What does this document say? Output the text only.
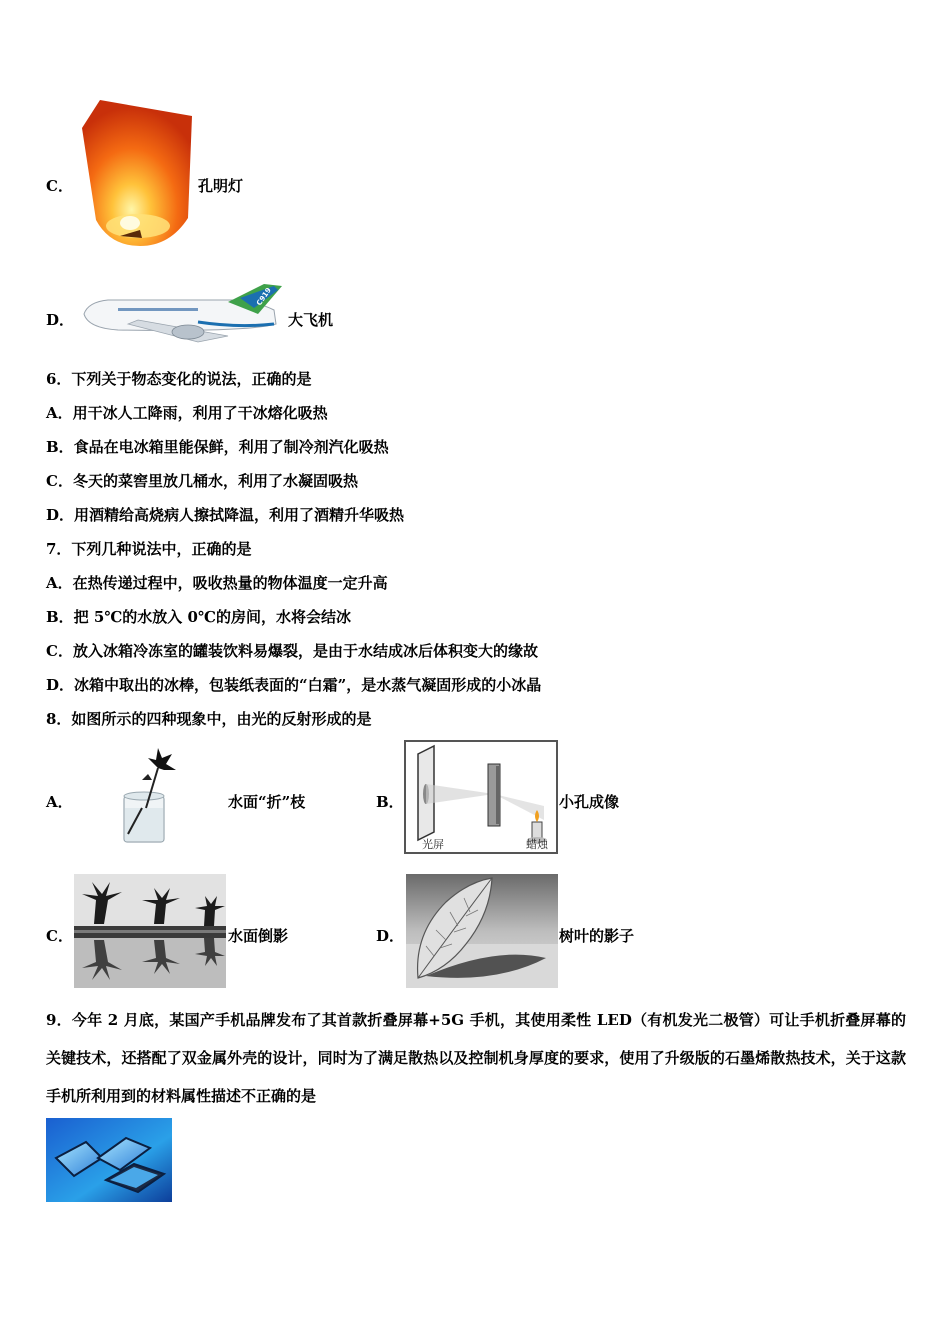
C．	孔明灯
D．
C919
大飞机
6．下列关于物态变化的说法，正确的是
A．用干冰人工降雨，利用了干冰熔化吸热
B．食品在电冰箱里能保鲜，利用了制冷剂汽化吸热
C．冬天的菜窖里放几桶水，利用了水凝固吸热
D．用酒精给高烧病人擦拭降温，利用了酒精升华吸热
7．下列几种说法中，正确的是
A．在热传递过程中，吸收热量的物体温度一定升高
B．把 5℃的水放入 0℃的房间，水将会结冰
C．放入冰箱冷冻室的罐装饮料易爆裂，是由于水结成冰后体积变大的缘故
D．冰箱中取出的冰棒，包装纸表面的“白霜”，是水蒸气凝固形成的小冰晶
8．如图所示的四种现象中，由光的反射形成的是
A．	水面“折”枝	B．
光屏	蜡烛
小孔成像
C．	水面倒影	D．	树叶的影子
9．今年 2 月底，某国产手机品牌发布了其首款折叠屏幕+5G 手机，其使用柔性 LED（有机发光二极管）可让手机折叠屏幕的关键技术，还搭配了双金属外壳的设计，同时为了满足散热以及控制机身厚度的要求，使用了升级版的石墨烯散热技术，关于这款手机所利用到的材料属性描述不正确的是
